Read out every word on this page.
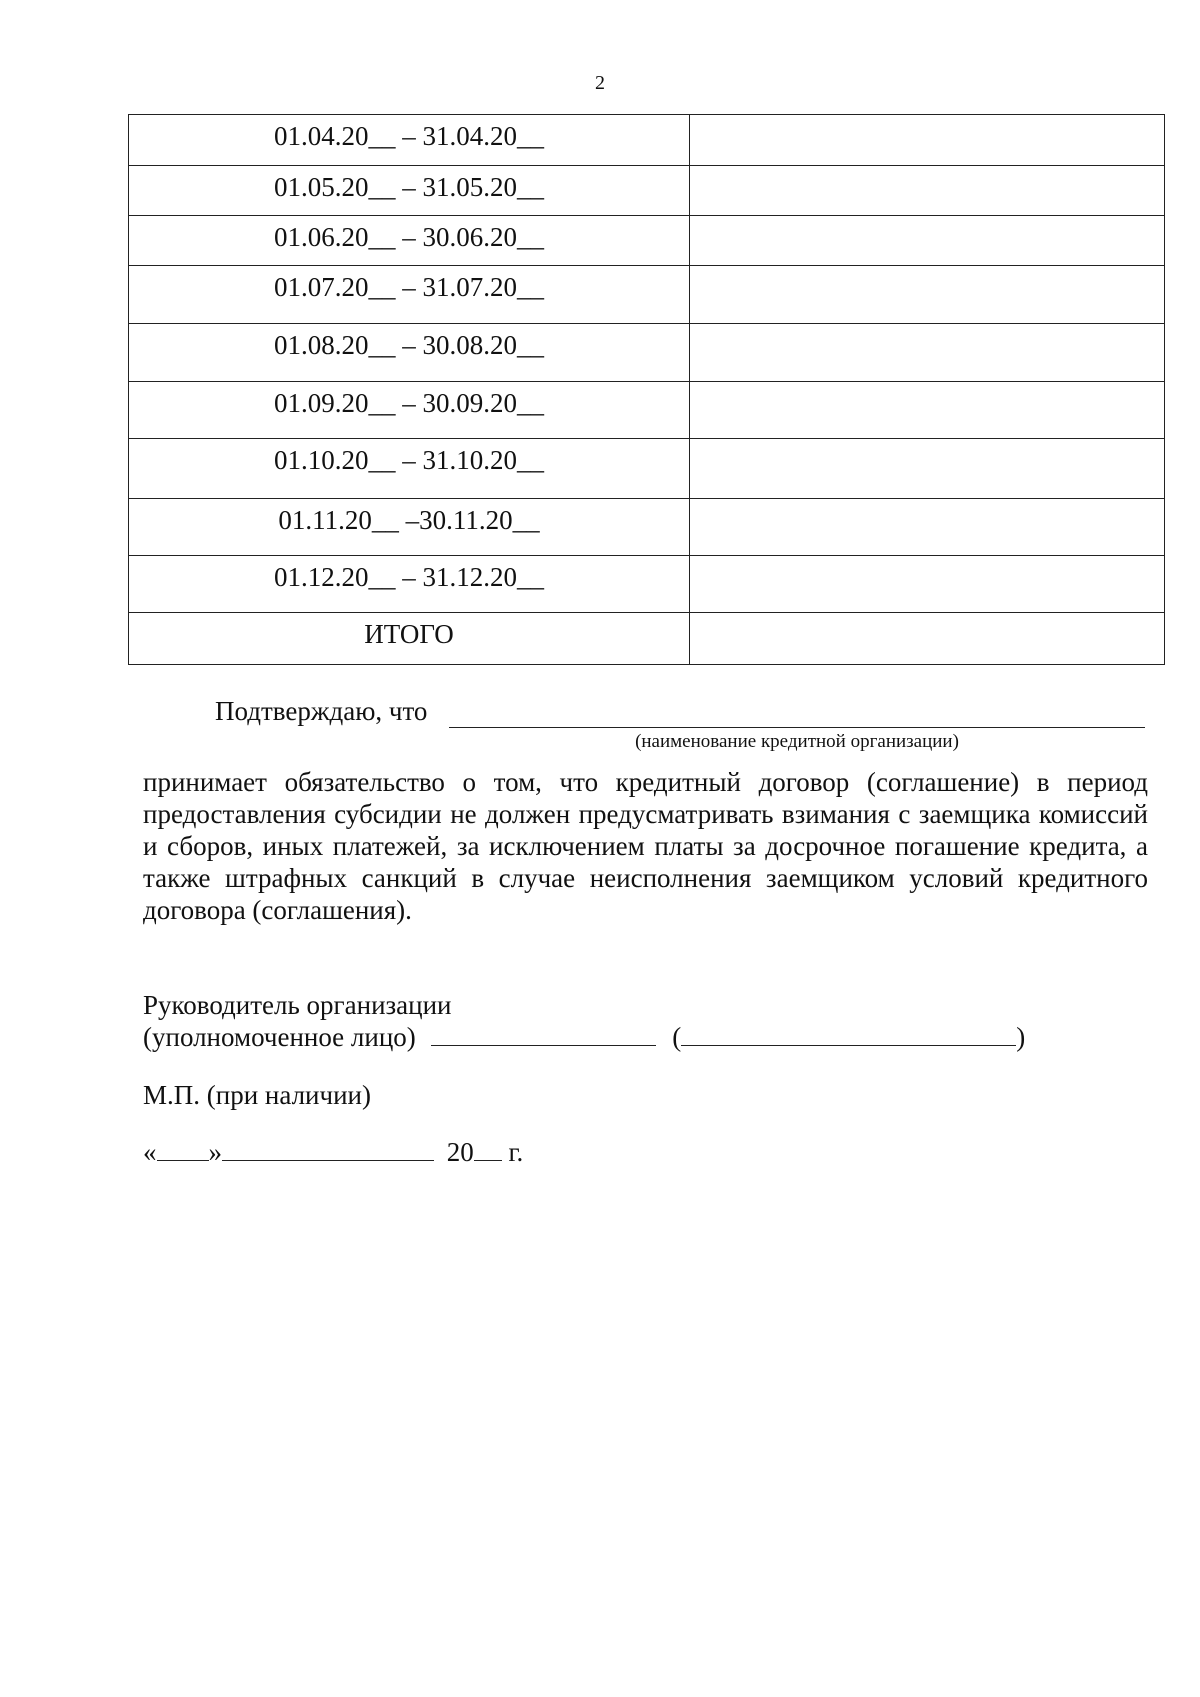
2
01.04.20__ – 31.04.20__	
01.05.20__ – 31.05.20__	
01.06.20__ – 30.06.20__	
01.07.20__ – 31.07.20__	
01.08.20__ – 30.08.20__	
01.09.20__ – 30.09.20__	
01.10.20__ – 31.10.20__	
01.11.20__ –30.11.20__	
01.12.20__ – 31.12.20__	
ИТОГО	
Подтверждаю, что
(наименование кредитной организации)
принимает обязательство о том, что кредитный договор (соглашение) в период предоставления субсидии не должен предусматривать взимания с заемщика комиссий и сборов, иных платежей, за исключением платы за досрочное погашение кредита, а также штрафных санкций в случае неисполнения заемщиком условий кредитного договора (соглашения).
Руководитель организации
(уполномоченное лицо)	(	)
М.П. (при наличии)
« »	20 г.
